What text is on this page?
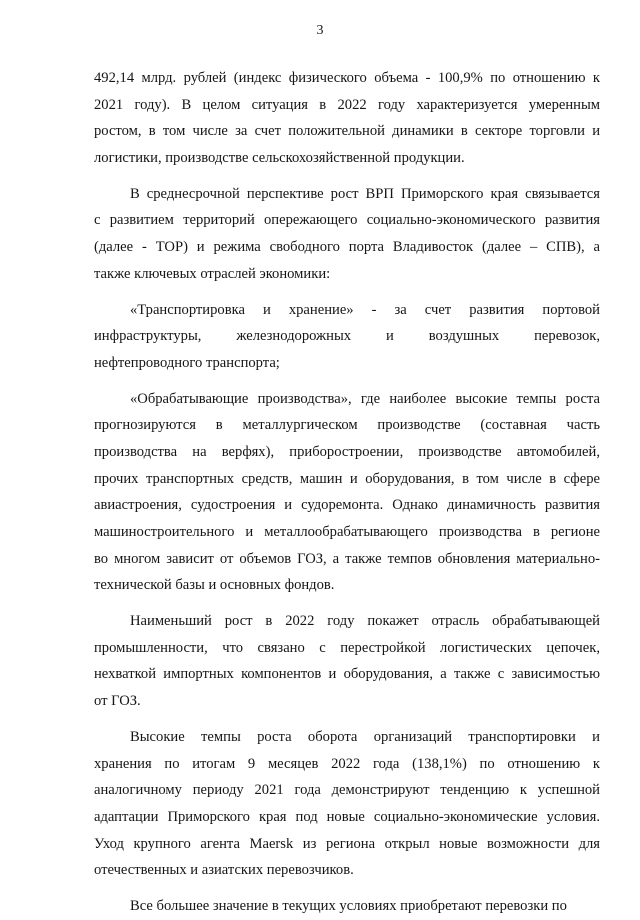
3
492,14 млрд. рублей (индекс физического объема - 100,9% по отношению к
2021 году). В целом ситуация в 2022 году характеризуется умеренным
ростом, в том числе за счет положительной динамики в секторе торговли и
логистики, производстве сельскохозяйственной продукции.
В среднесрочной перспективе рост ВРП Приморского края связывается
с развитием территорий опережающего социально-экономического развития
(далее - ТОР) и режима свободного порта Владивосток (далее – СПВ), а
также ключевых отраслей экономики:
«Транспортировка и хранение» - за счет развития портовой
инфраструктуры, железнодорожных и воздушных перевозок,
нефтепроводного транспорта;
«Обрабатывающие производства», где наиболее высокие темпы роста
прогнозируются в металлургическом производстве (составная часть
производства на верфях), приборостроении, производстве автомобилей,
прочих транспортных средств, машин и оборудования, в том числе в сфере
авиастроения, судостроения и судоремонта. Однако динамичность развития
машиностроительного и металлообрабатывающего производства в регионе
во многом зависит от объемов ГОЗ, а также темпов обновления материально-
технической базы и основных фондов.
Наименьший рост в 2022 году покажет отрасль обрабатывающей
промышленности, что связано с перестройкой логистических цепочек,
нехваткой импортных компонентов и оборудования, а также с зависимостью
от ГОЗ.
Высокие темпы роста оборота организаций транспортировки и
хранения по итогам 9 месяцев 2022 года (138,1%) по отношению к
аналогичному периоду 2021 года демонстрируют тенденцию к успешной
адаптации Приморского края под новые социально-экономические условия.
Уход крупного агента Maersk из региона открыл новые возможности для
отечественных и азиатских перевозчиков.
Все большее значение в текущих условиях приобретают перевозки по
